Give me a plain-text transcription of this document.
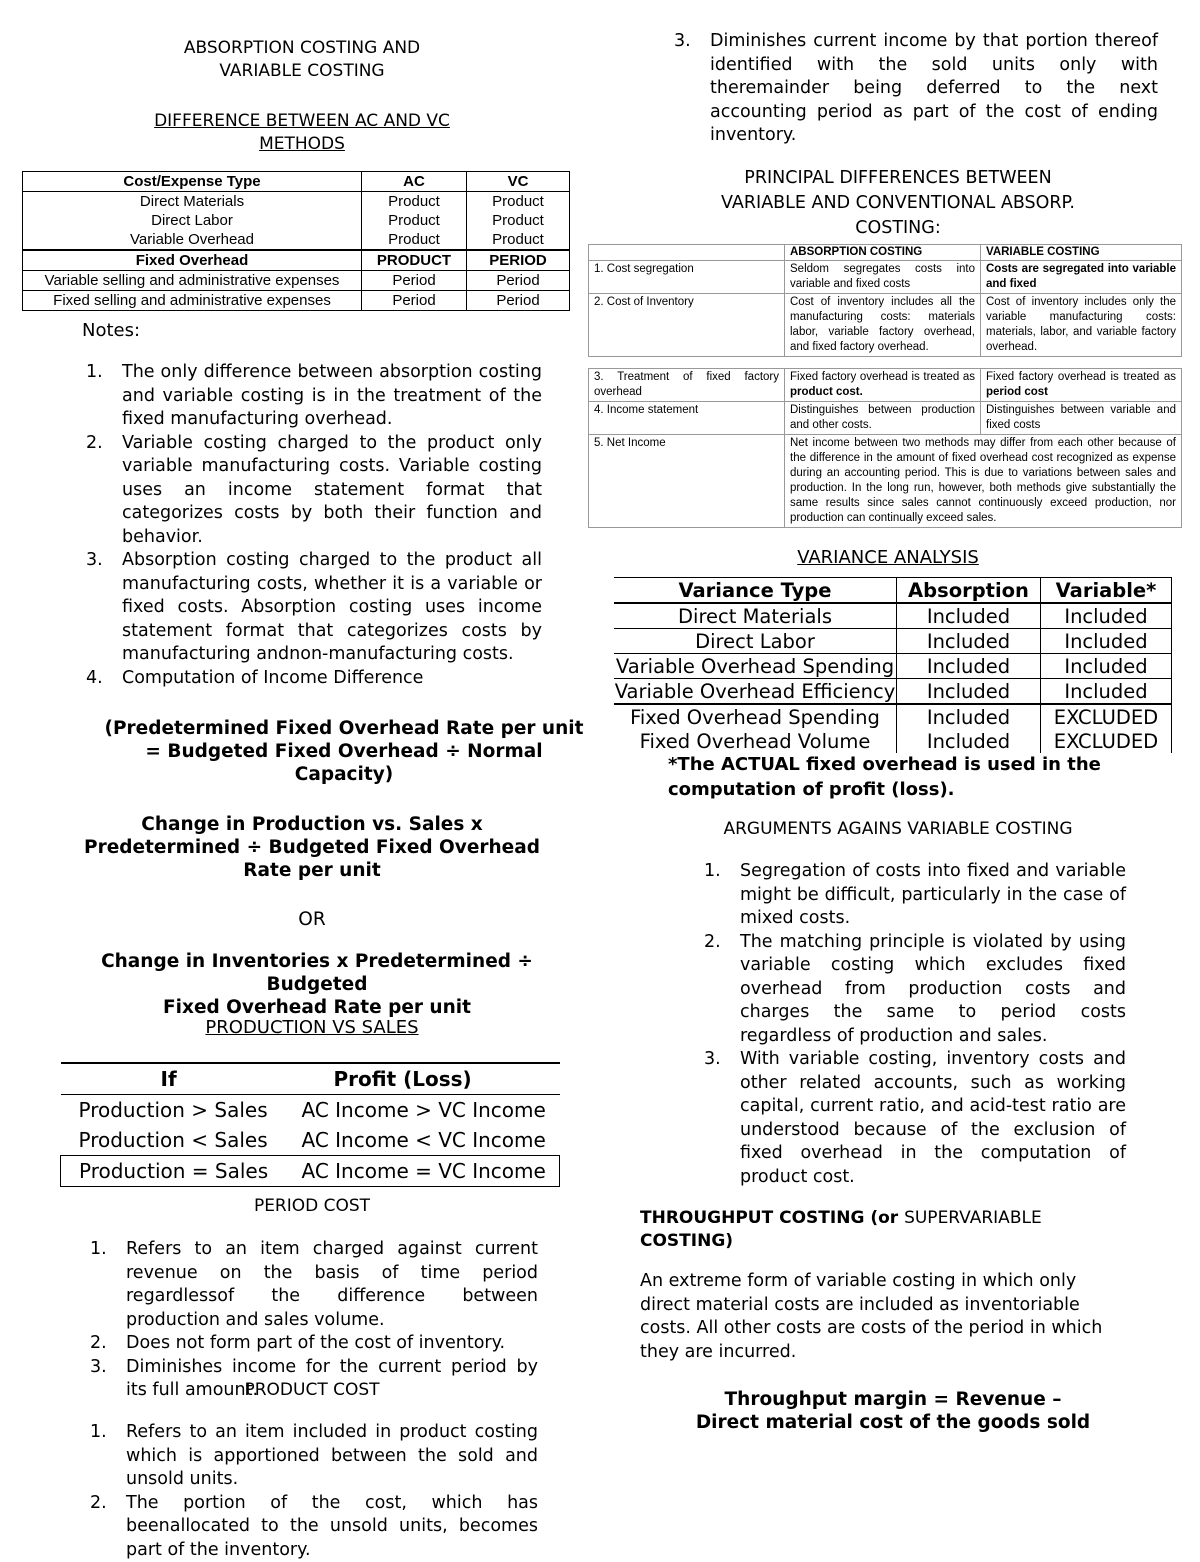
ABSORPTION COSTING AND
VARIABLE COSTING
DIFFERENCE BETWEEN AC AND VC
METHODS
Cost/Expense Type	AC	VC
Direct Materials	Product	Product
Direct Labor	Product	Product
Variable Overhead	Product	Product
Fixed Overhead	PRODUCT	PERIOD
Variable selling and administrative expenses	Period	Period
Fixed selling and administrative expenses	Period	Period
Notes:
1. The only difference between absorption costing and variable costing is in the treatment of the fixed manufacturing overhead.
2. Variable costing charged to the product only variable manufacturing costs. Variable costing uses an income statement format that categorizes costs by both their function and behavior.
3. Absorption costing charged to the product all manufacturing costs, whether it is a variable or fixed costs. Absorption costing uses income statement format that categorizes costs by manufacturing andnon-manufacturing costs.
4. Computation of Income Difference
(Predetermined Fixed Overhead Rate per unit
= Budgeted Fixed Overhead ÷ Normal
Capacity)
Change in Production vs. Sales x
Predetermined ÷ Budgeted Fixed Overhead
Rate per unit
OR
Change in Inventories x Predetermined ÷ Budgeted
Fixed Overhead Rate per unit
PRODUCTION VS SALES
If	Profit (Loss)
Production > Sales	AC Income > VC Income
Production < Sales	AC Income < VC Income
Production = Sales	AC Income = VC Income
PERIOD COST
1. Refers to an item charged against current revenue on the basis of time period regardlessof the difference between production and sales volume.
2. Does not form part of the cost of inventory.
3. Diminishes income for the current period by its full amount.
PRODUCT COST
1. Refers to an item included in product costing which is apportioned between the sold and unsold units.
2. The portion of the cost, which has beenallocated to the unsold units, becomes part of the inventory.
3. Diminishes current income by that portion thereof identified with the sold units only with theremainder being deferred to the next accounting period as part of the cost of ending inventory.
PRINCIPAL DIFFERENCES BETWEEN
VARIABLE AND CONVENTIONAL ABSORP.
COSTING:
	ABSORPTION COSTING	VARIABLE COSTING
1. Cost segregation	Seldom segregates costs into variable and fixed costs	Costs are segregated into variable and fixed
2. Cost of Inventory	Cost of inventory includes all the manufacturing costs: materials labor, variable factory overhead, and fixed factory overhead.	Cost of inventory includes only the variable manufacturing costs: materials, labor, and variable factory overhead.
3. Treatment of fixed factory overhead	Fixed factory overhead is treated as product cost.	Fixed factory overhead is treated as period cost
4. Income statement	Distinguishes between production and other costs.	Distinguishes between variable and fixed costs
5. Net Income	Net income between two methods may differ from each other because of the difference in the amount of fixed overhead cost recognized as expense during an accounting period. This is due to variations between sales and production. In the long run, however, both methods give substantially the same results since sales cannot continuously exceed production, nor production can continually exceed sales.	
VARIANCE ANALYSIS
Variance Type	Absorption	Variable*
Direct Materials	Included	Included
Direct Labor	Included	Included
Variable Overhead Spending	Included	Included
Variable Overhead Efficiency	Included	Included
Fixed Overhead Spending	Included	EXCLUDED
Fixed Overhead Volume	Included	EXCLUDED
*The ACTUAL fixed overhead is used in the
computation of profit (loss).
ARGUMENTS AGAINS VARIABLE COSTING
1. Segregation of costs into fixed and variable might be difficult, particularly in the case of mixed costs.
2. The matching principle is violated by using variable costing which excludes fixed overhead from production costs and charges the same to period costs regardless of production and sales.
3. With variable costing, inventory costs and other related accounts, such as working capital, current ratio, and acid-test ratio are understood because of the exclusion of fixed overhead in the computation of product cost.
THROUGHPUT COSTING (or SUPERVARIABLE
COSTING)
An extreme form of variable costing in which only direct material costs are included as inventoriable costs. All other costs are costs of the period in which they are incurred.
Throughput margin = Revenue –
Direct material cost of the goods sold
